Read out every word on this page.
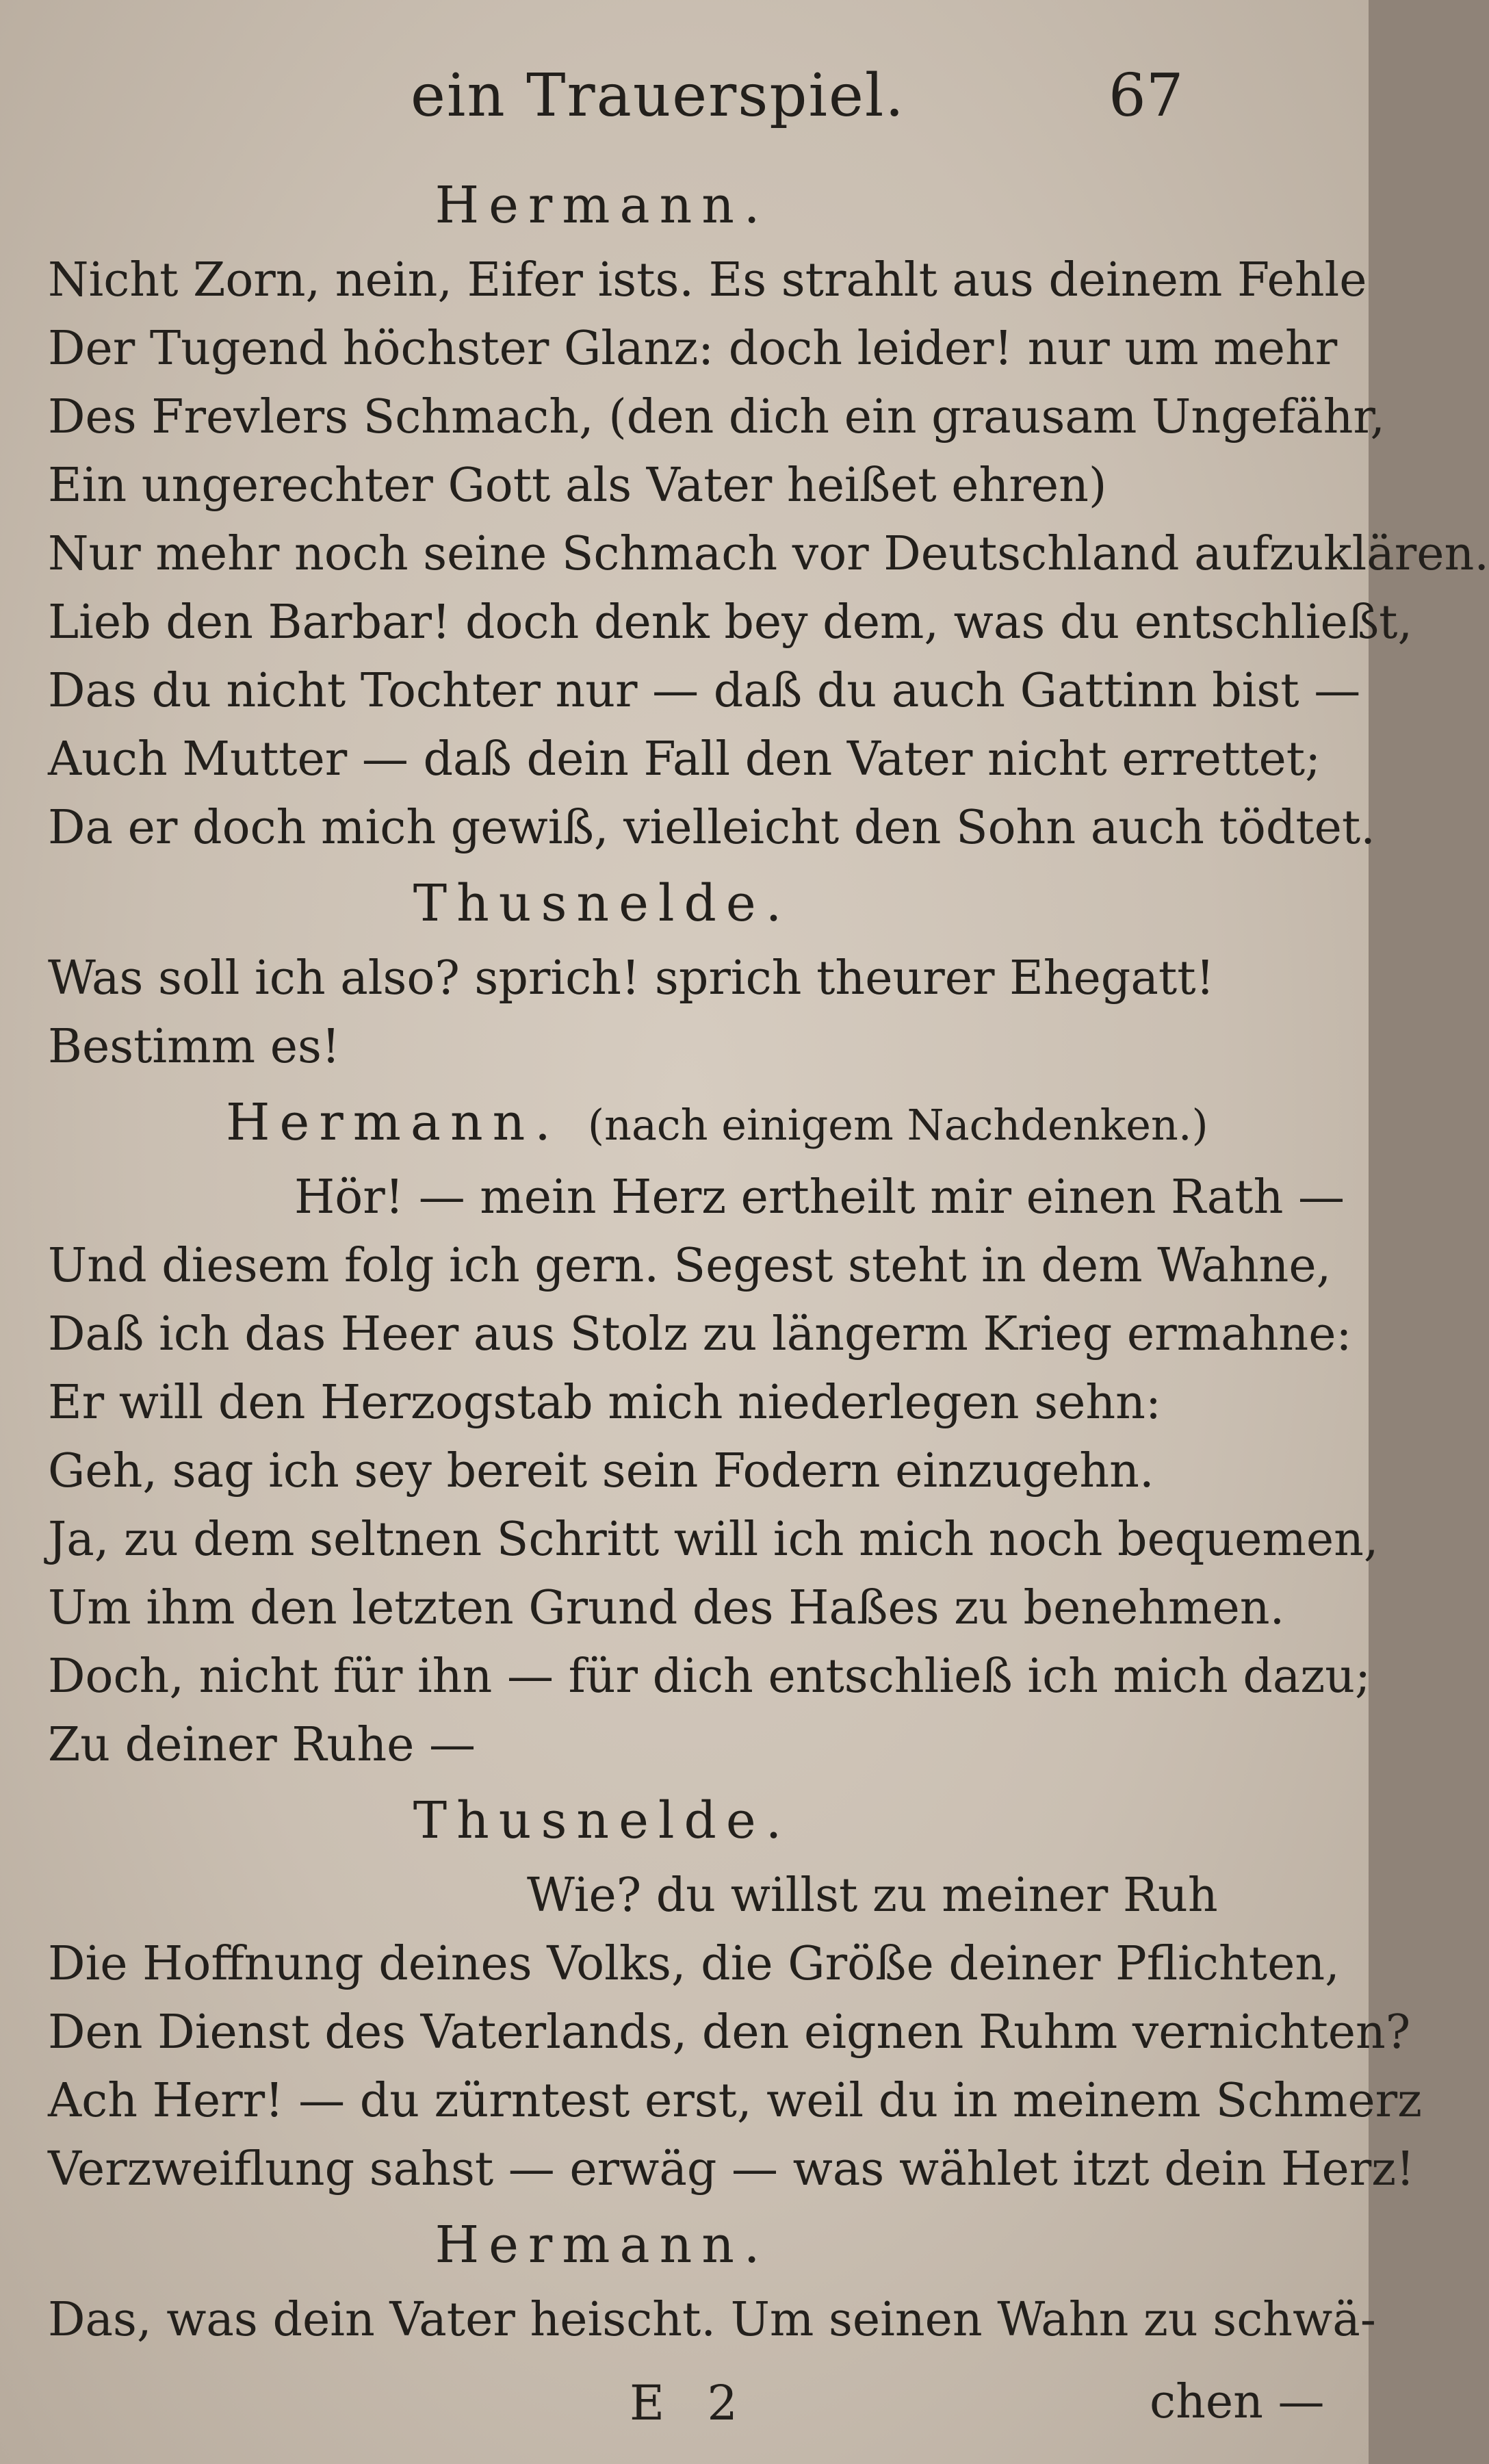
ein Trauerspiel.	67
Hermann.
Nicht Zorn, nein, Eifer ists. Es strahlt aus deinem Fehle
Der Tugend höchster Glanz: doch leider! nur um mehr
Des Frevlers Schmach, (den dich ein grausam Ungefähr,
Ein ungerechter Gott als Vater heißet ehren)
Nur mehr noch seine Schmach vor Deutschland aufzuklären.
Lieb den Barbar! doch denk bey dem, was du entschließt,
Das du nicht Tochter nur — daß du auch Gattinn bist —
Auch Mutter — daß dein Fall den Vater nicht errettet;
Da er doch mich gewiß, vielleicht den Sohn auch tödtet.
Thusnelde.
Was soll ich also? sprich! sprich theurer Ehegatt!
Bestimm es!
Hermann. (nach einigem Nachdenken.)
Hör! — mein Herz ertheilt mir einen Rath —
Und diesem folg ich gern. Segest steht in dem Wahne,
Daß ich das Heer aus Stolz zu längerm Krieg ermahne:
Er will den Herzogstab mich niederlegen sehn:
Geh, sag ich sey bereit sein Fodern einzugehn.
Ja, zu dem seltnen Schritt will ich mich noch bequemen,
Um ihm den letzten Grund des Haßes zu benehmen.
Doch, nicht für ihn — für dich entschließ ich mich dazu;
Zu deiner Ruhe —
Thusnelde.
Wie? du willst zu meiner Ruh
Die Hoffnung deines Volks, die Größe deiner Pflichten,
Den Dienst des Vaterlands, den eignen Ruhm vernichten?
Ach Herr! — du zürntest erst, weil du in meinem Schmerz
Verzweiflung sahst — erwäg — was wählet itzt dein Herz!
Hermann.
Das, was dein Vater heischt. Um seinen Wahn zu schwä-
E 2	chen —
